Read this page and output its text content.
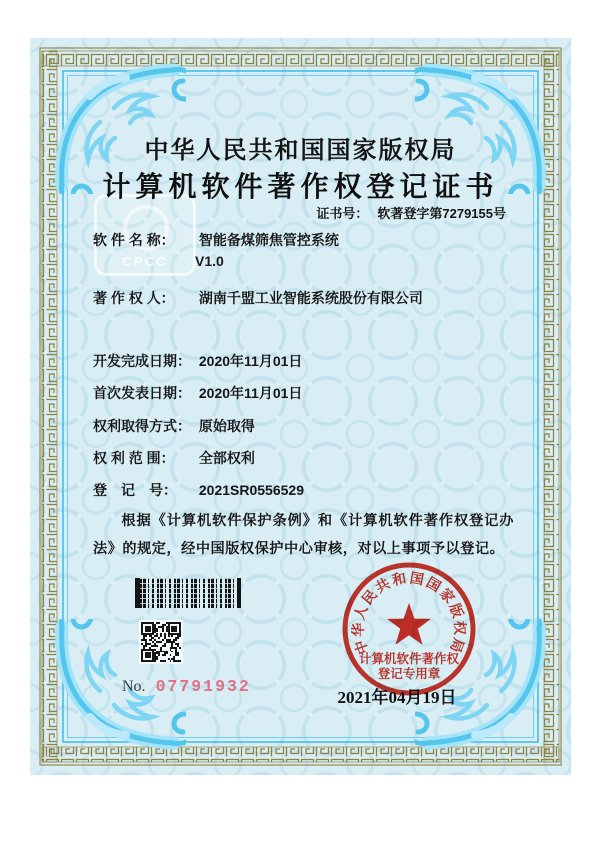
CPCC
中华人民共和国国家版权局
计算机软件著作权登记证书
证书号： 软著登字第7279155号
软 件 名 称： 智能备煤筛焦管控系统
V1.0
著 作 权 人： 湖南千盟工业智能系统股份有限公司
开发完成日期： 2020年11月01日
首次发表日期： 2020年11月01日
权利取得方式： 原始取得
权 利 范 围： 全部权利
登　记　号： 2021SR0556529
根据《计算机软件保护条例》和《计算机软件著作权登记办法》的规定，经中国版权保护中心审核，对以上事项予以登记。
No. 07791932
中华人民共和国国家版权局
计算机软件著作权
登记专用章
2021年04月19日
